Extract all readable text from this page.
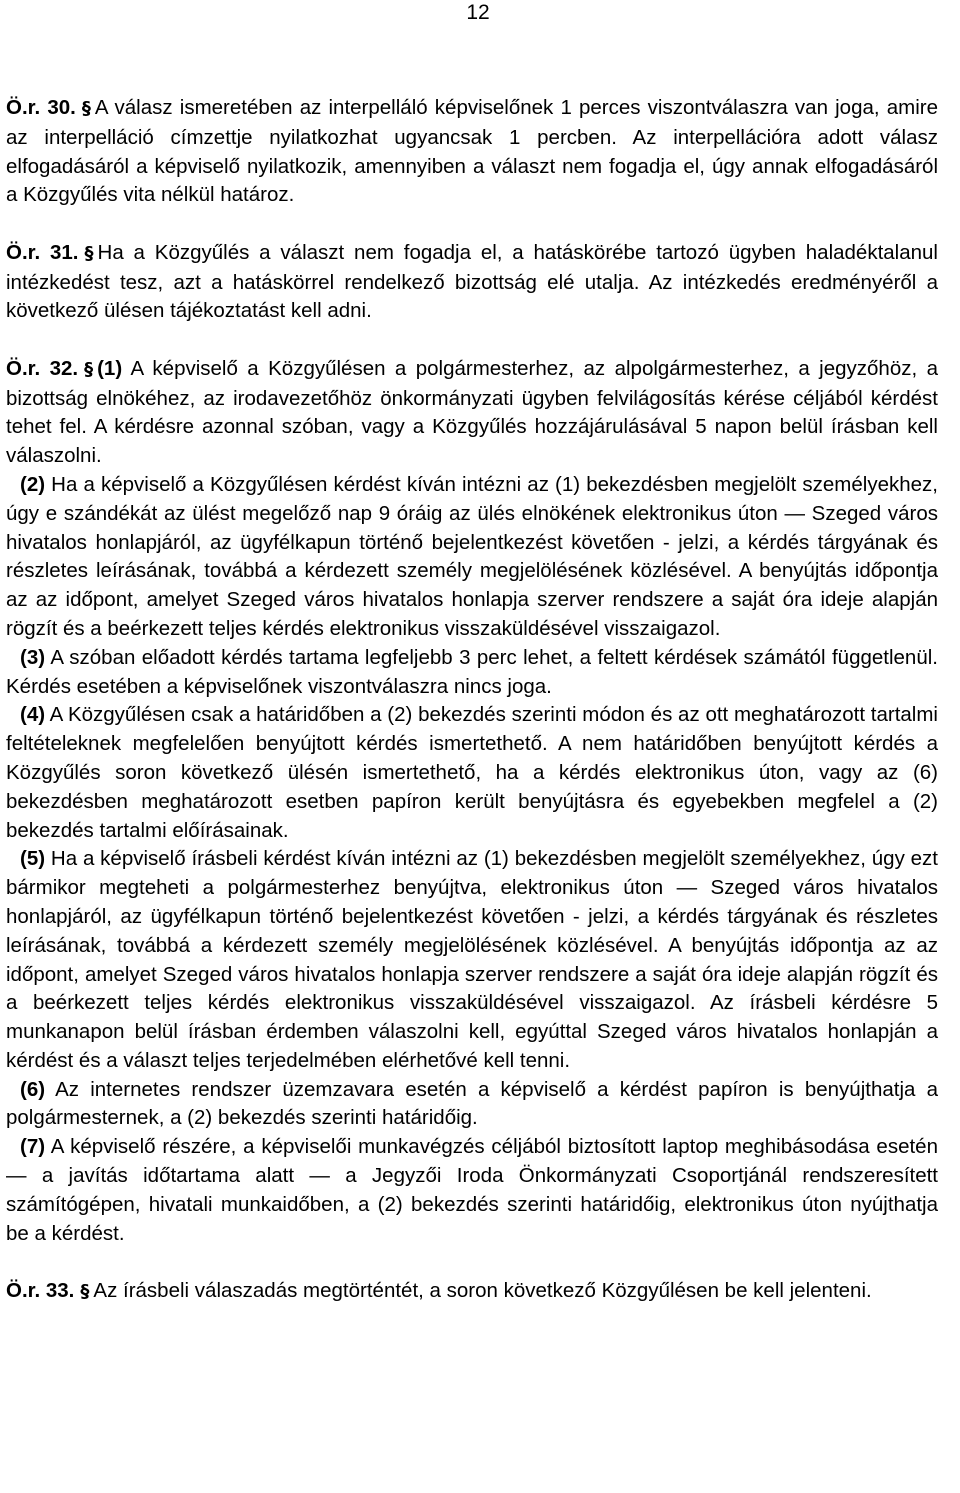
12

Ö.r. 30. § A válasz ismeretében az interpelláló képviselőnek 1 perces viszontválaszra van joga, amire az interpelláció címzettje nyilatkozhat ugyancsak 1 percben. Az interpellációra adott válasz elfogadásáról a képviselő nyilatkozik, amennyiben a választ nem fogadja el, úgy annak elfogadásáról a Közgyűlés vita nélkül határoz.

Ö.r. 31. § Ha a Közgyűlés a választ nem fogadja el, a hatáskörébe tartozó ügyben haladéktalanul intézkedést tesz, azt a hatáskörrel rendelkező bizottság elé utalja. Az intézkedés eredményéről a következő ülésen tájékoztatást kell adni.

Ö.r. 32. § (1) A képviselő a Közgyűlésen a polgármesterhez, az alpolgármesterhez, a jegyzőhöz, a bizottság elnökéhez, az irodavezetőhöz önkormányzati ügyben felvilágosítás kérése céljából kérdést tehet fel. A kérdésre azonnal szóban, vagy a Közgyűlés hozzájárulásával 5 napon belül írásban kell válaszolni.

(2) Ha a képviselő a Közgyűlésen kérdést kíván intézni az (1) bekezdésben megjelölt személyekhez, úgy e szándékát az ülést megelőző nap 9 óráig az ülés elnökének elektronikus úton — Szeged város hivatalos honlapjáról, az ügyfélkapun történő bejelentkezést követően - jelzi, a kérdés tárgyának és részletes leírásának, továbbá a kérdezett személy megjelölésének közlésével. A benyújtás időpontja az az időpont, amelyet Szeged város hivatalos honlapja szerver rendszere a saját óra ideje alapján rögzít és a beérkezett teljes kérdés elektronikus visszaküldésével visszaigazol.

(3) A szóban előadott kérdés tartama legfeljebb 3 perc lehet, a feltett kérdések számától függetlenül. Kérdés esetében a képviselőnek viszontválaszra nincs joga.

(4) A Közgyűlésen csak a határidőben a (2) bekezdés szerinti módon és az ott meghatározott tartalmi feltételeknek megfelelően benyújtott kérdés ismertethető. A nem határidőben benyújtott kérdés a Közgyűlés soron következő ülésén ismertethető, ha a kérdés elektronikus úton, vagy az (6) bekezdésben meghatározott esetben papíron került benyújtásra és egyebekben megfelel a (2) bekezdés tartalmi előírásainak.

(5) Ha a képviselő írásbeli kérdést kíván intézni az (1) bekezdésben megjelölt személyekhez, úgy ezt bármikor megteheti a polgármesterhez benyújtva, elektronikus úton — Szeged város hivatalos honlapjáról, az ügyfélkapun történő bejelentkezést követően - jelzi, a kérdés tárgyának és részletes leírásának, továbbá a kérdezett személy megjelölésének közlésével. A benyújtás időpontja az az időpont, amelyet Szeged város hivatalos honlapja szerver rendszere a saját óra ideje alapján rögzít és a beérkezett teljes kérdés elektronikus visszaküldésével visszaigazol. Az írásbeli kérdésre 5 munkanapon belül írásban érdemben válaszolni kell, egyúttal Szeged város hivatalos honlapján a kérdést és a választ teljes terjedelmében elérhetővé kell tenni.

(6) Az internetes rendszer üzemzavara esetén a képviselő a kérdést papíron is benyújthatja a polgármesternek, a (2) bekezdés szerinti határidőig.

(7) A képviselő részére, a képviselői munkavégzés céljából biztosított laptop meghibásodása esetén — a javítás időtartama alatt — a Jegyzői Iroda Önkormányzati Csoportjánál rendszeresített számítógépen, hivatali munkaidőben, a (2) bekezdés szerinti határidőig, elektronikus úton nyújthatja be a kérdést.

Ö.r. 33. § Az írásbeli válaszadás megtörténtét, a soron következő Közgyűlésen be kell jelenteni.
